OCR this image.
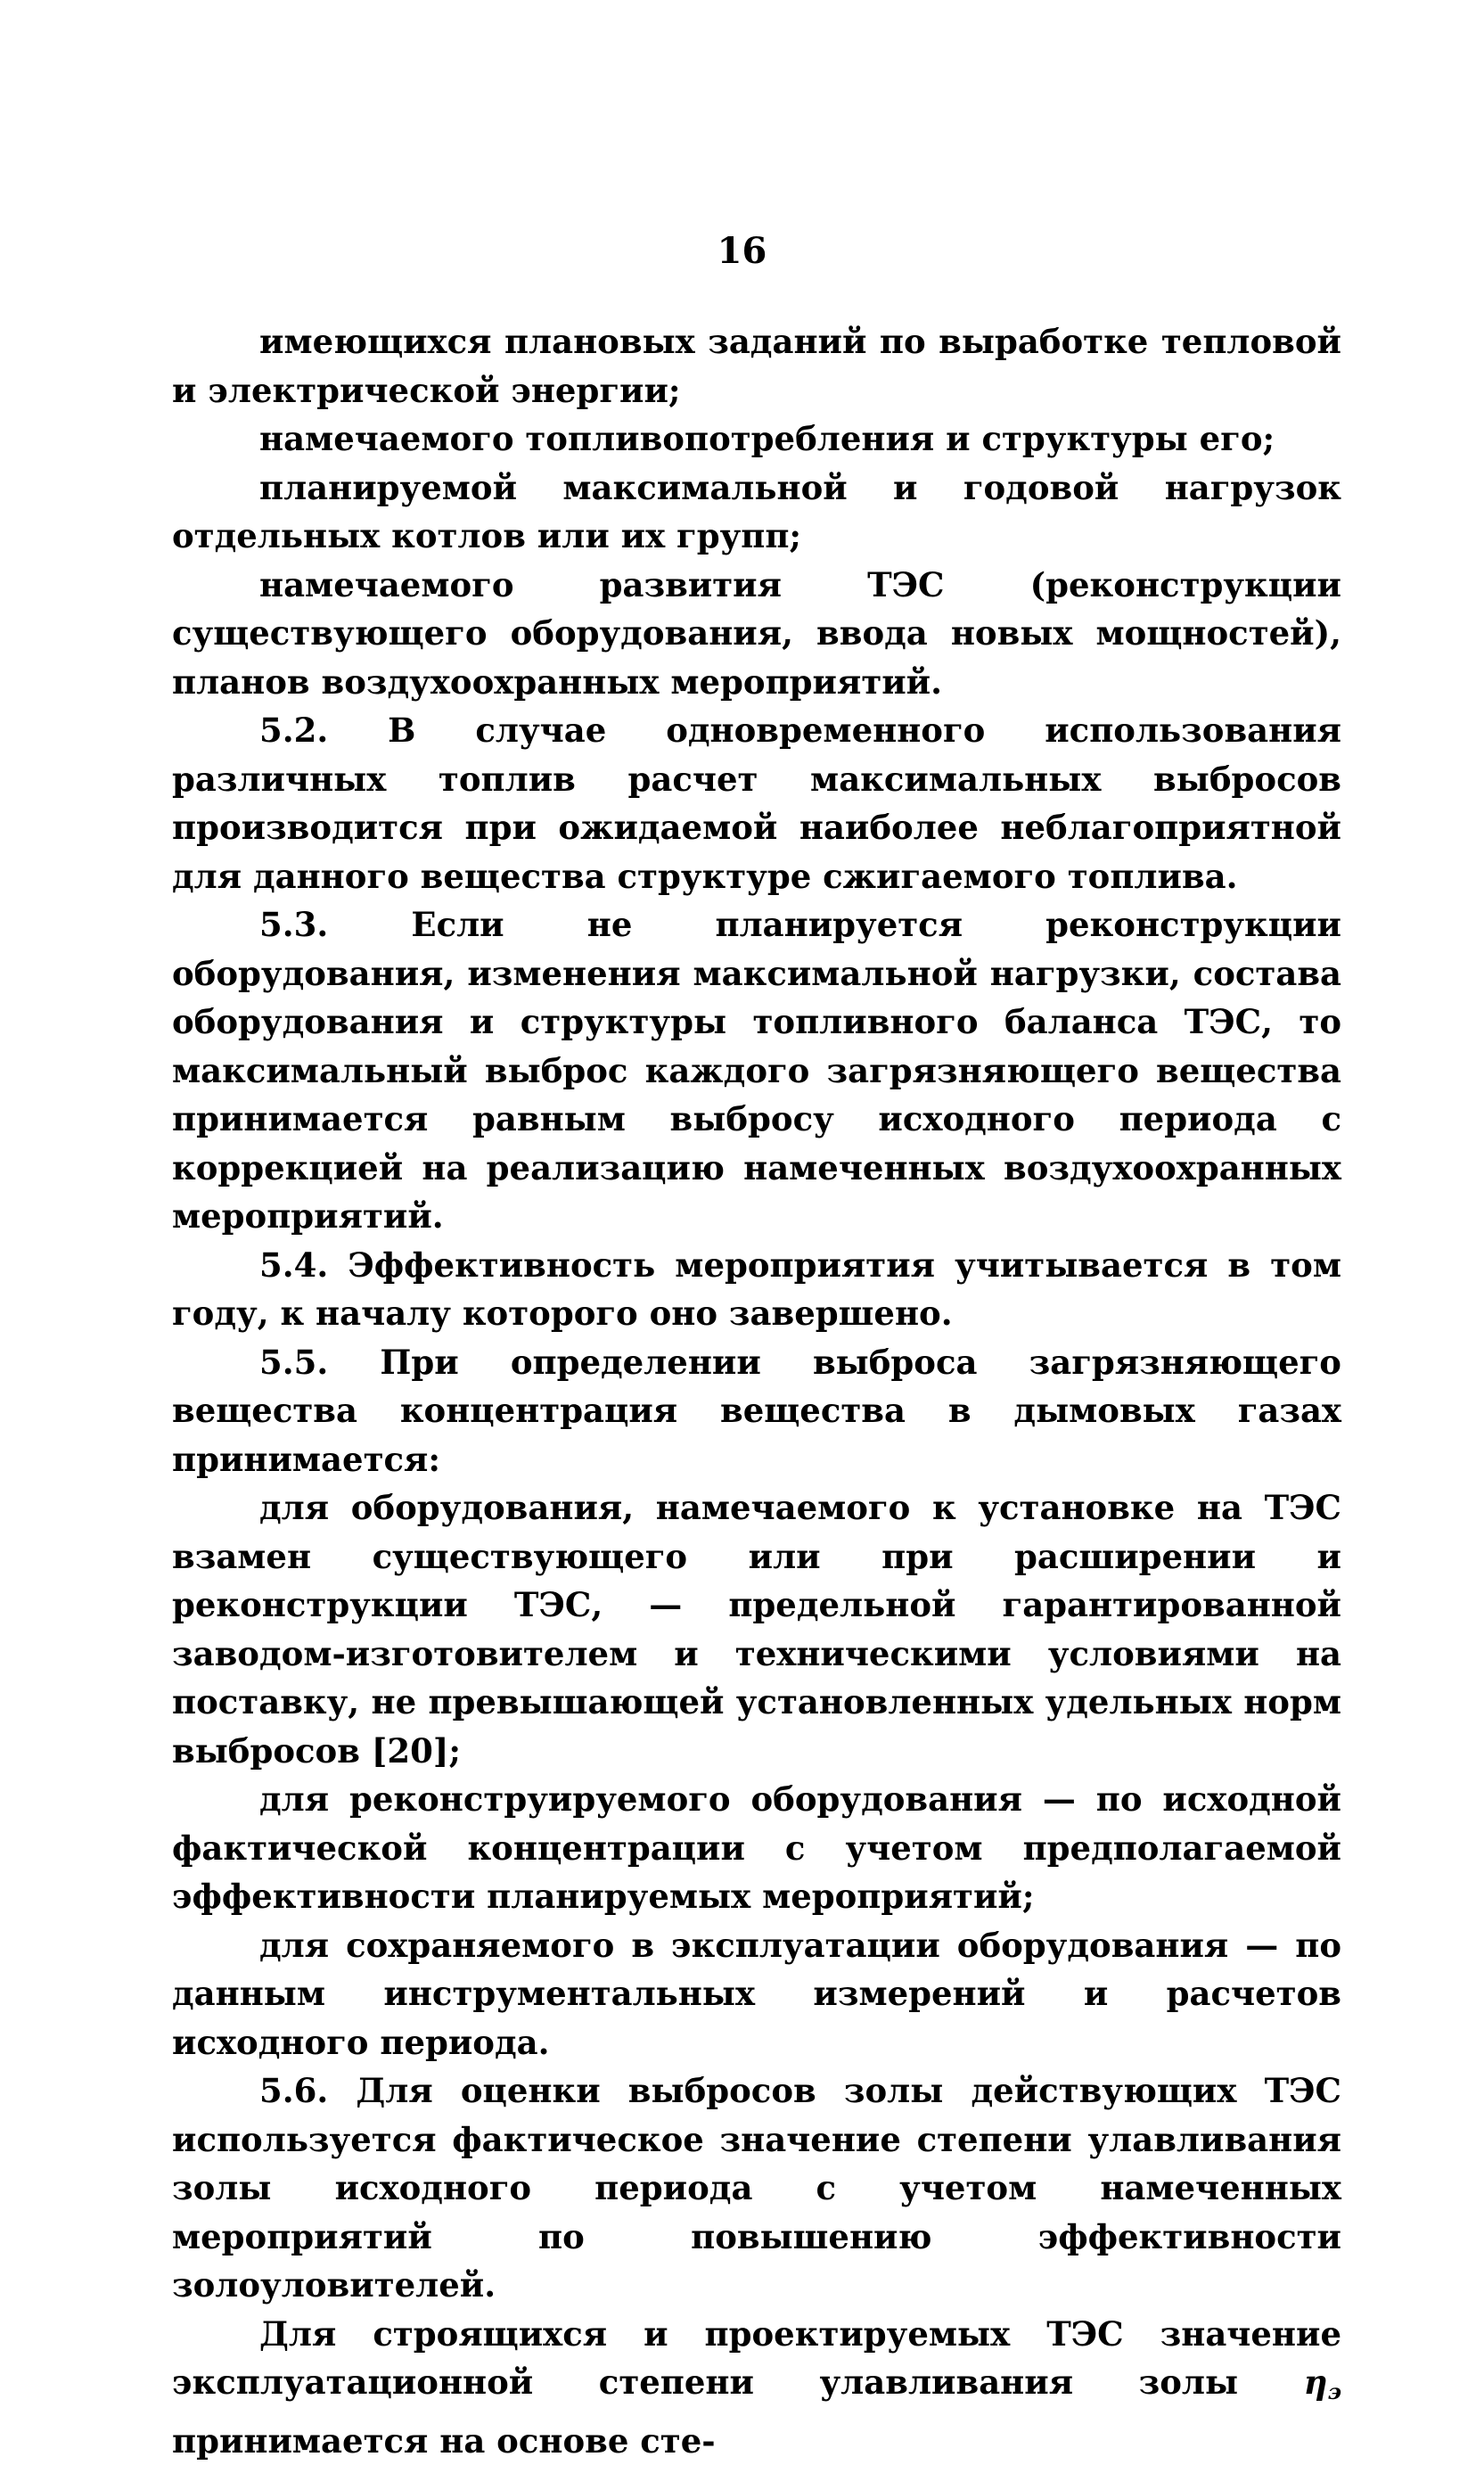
16

имеющихся плановых заданий по выработке тепловой и электрической энергии;

намечаемого топливопотребления и структуры его;

планируемой максимальной и годовой нагрузок отдельных котлов или их групп;

намечаемого развития ТЭС (реконструкции существующего оборудования, ввода новых мощностей), планов воздухоохранных мероприятий.

5.2. В случае одновременного использования различных топлив расчет максимальных выбросов производится при ожидаемой наиболее неблагоприятной для данного вещества структуре сжигаемого топлива.

5.3. Если не планируется реконструкции оборудования, изменения максимальной нагрузки, состава оборудования и структуры топливного баланса ТЭС, то максимальный выброс каждого загрязняющего вещества принимается равным выбросу исходного периода с коррекцией на реализацию намеченных воздухоохранных мероприятий.

5.4. Эффективность мероприятия учитывается в том году, к началу которого оно завершено.

5.5. При определении выброса загрязняющего вещества концентрация вещества в дымовых газах принимается:

для оборудования, намечаемого к установке на ТЭС взамен существующего или при расширении и реконструкции ТЭС, — предельной гарантированной заводом-изготовителем и техническими условиями на поставку, не превышающей установленных удельных норм выбросов [20];

для реконструируемого оборудования — по исходной фактической концентрации с учетом предполагаемой эффективности планируемых мероприятий;

для сохраняемого в эксплуатации оборудования — по данным инструментальных измерений и расчетов исходного периода.

5.6. Для оценки выбросов золы действующих ТЭС используется фактическое значение степени улавливания золы исходного периода с учетом намеченных мероприятий по повышению эффективности золоуловителей.

Для строящихся и проектируемых ТЭС значение эксплуатационной степени улавливания золы $\eta_э$ принимается на основе сте-
